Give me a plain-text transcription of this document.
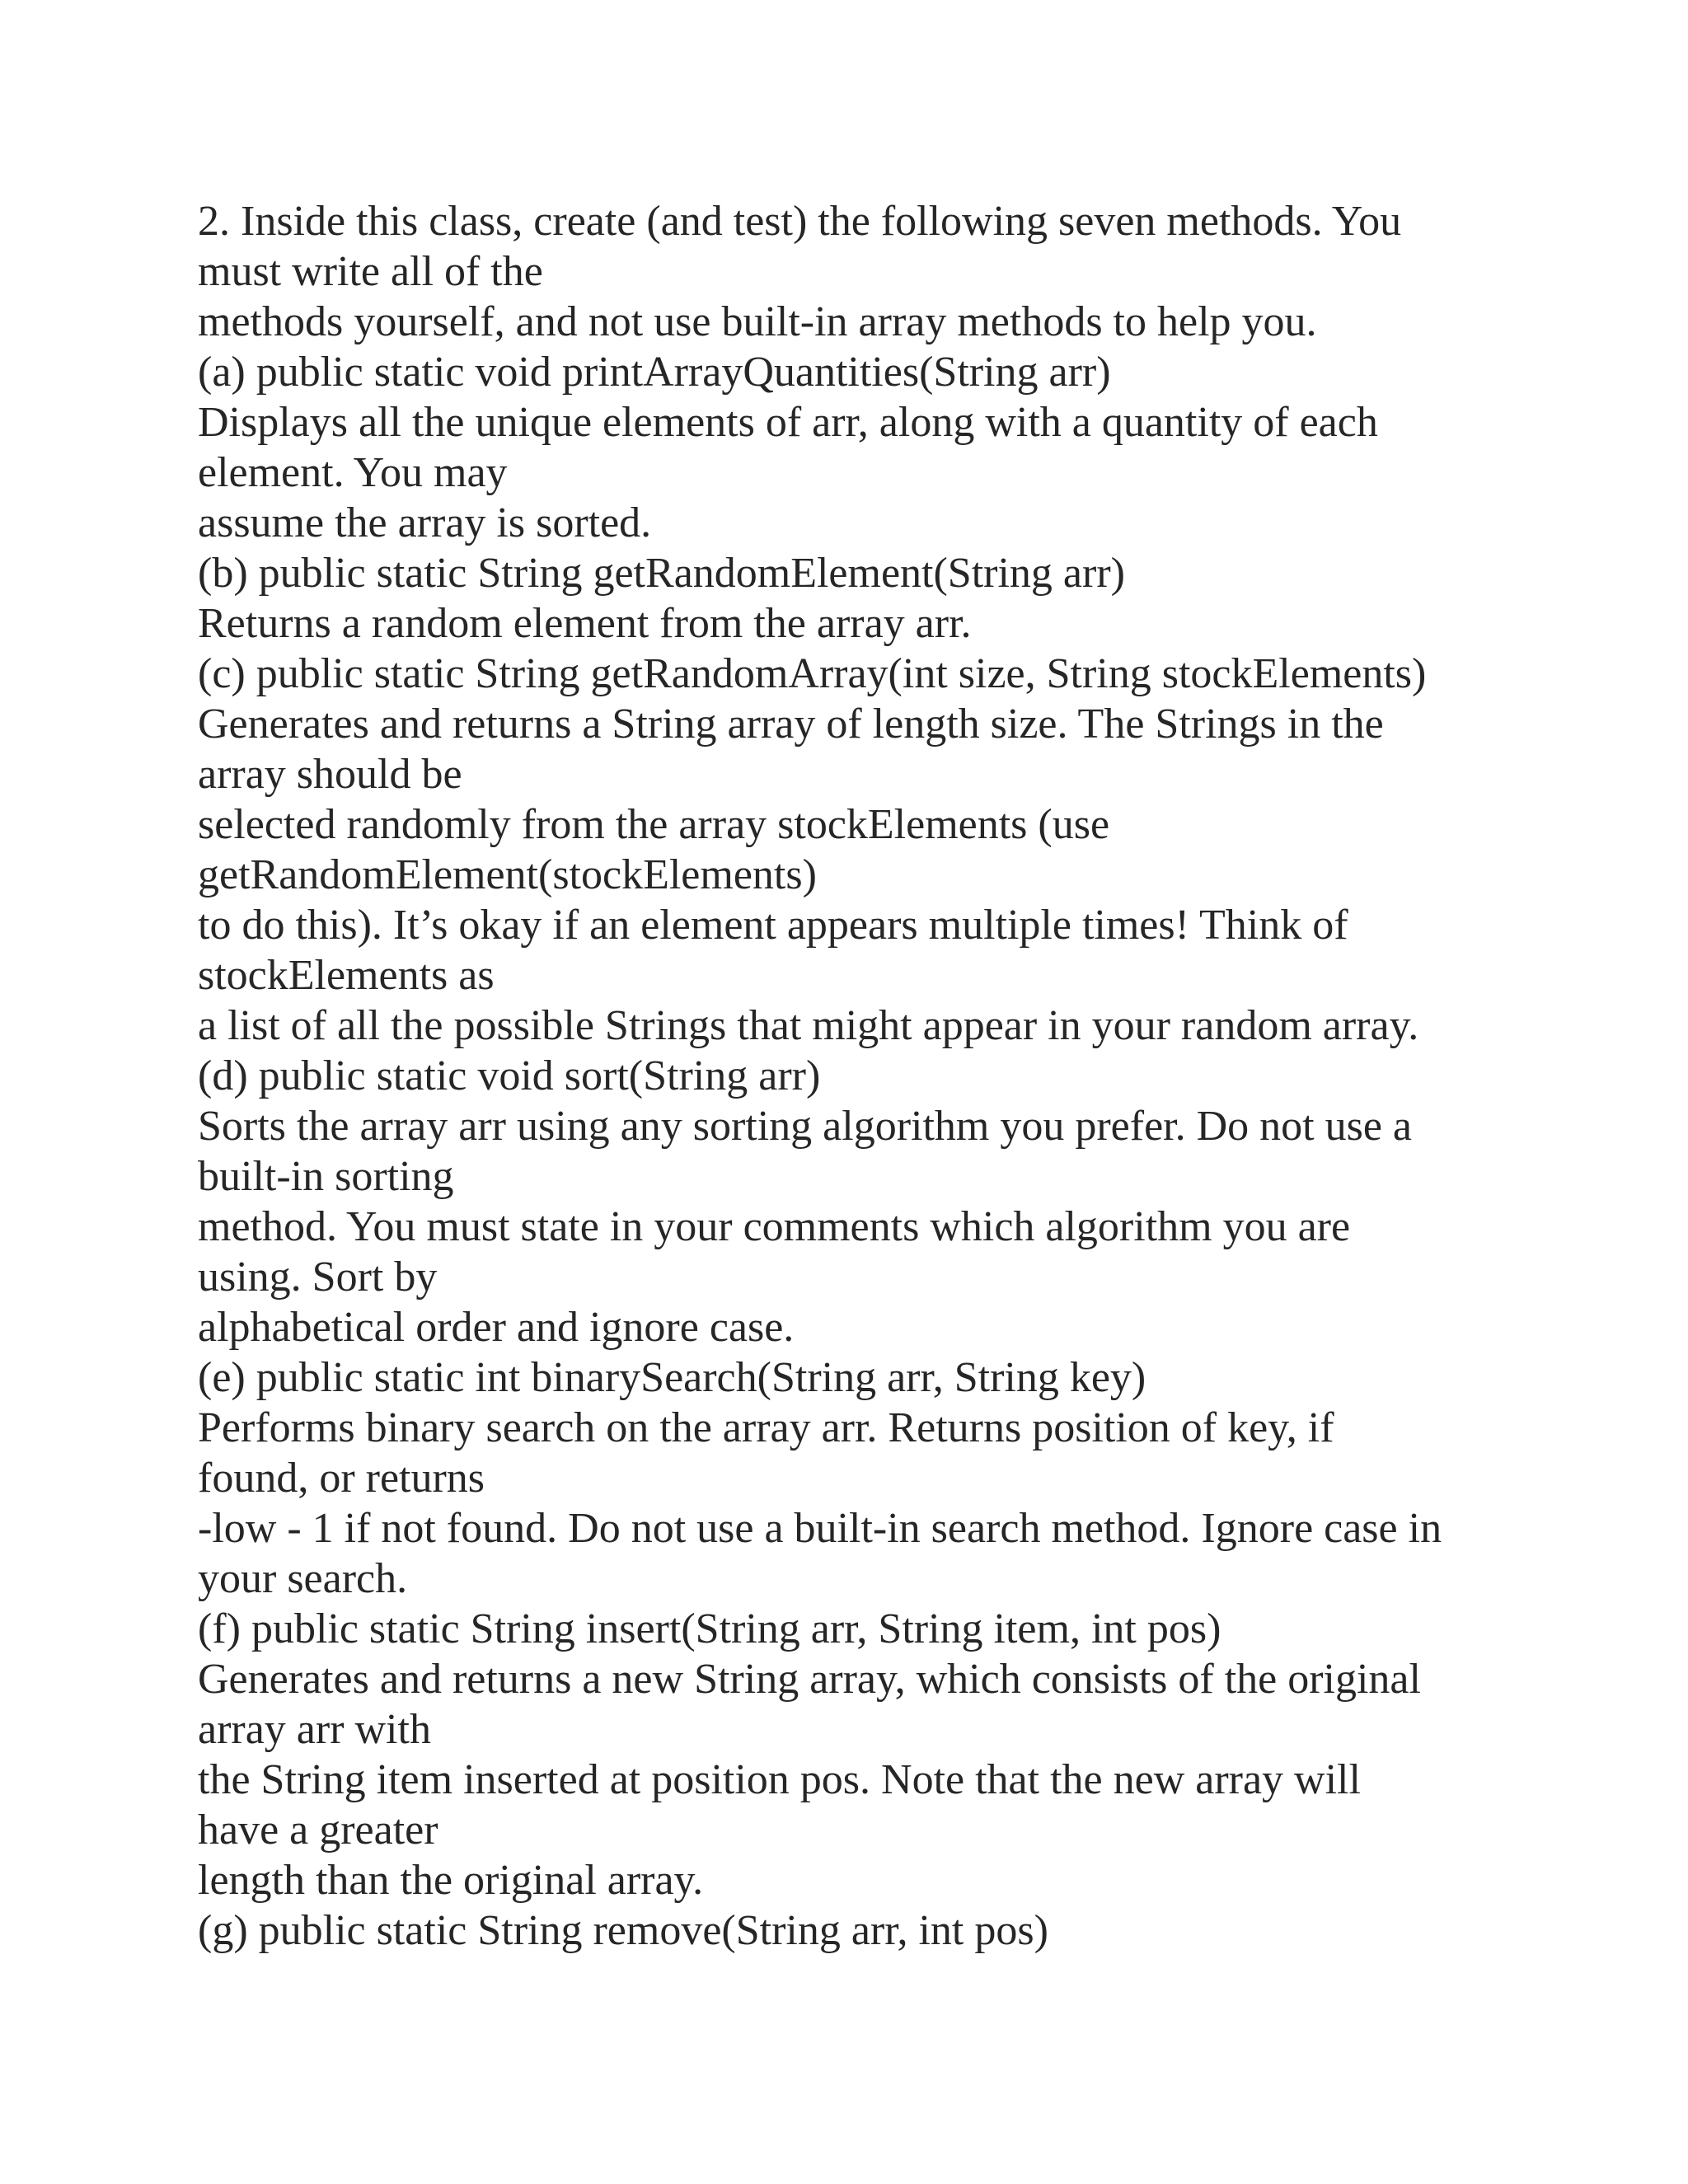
2. Inside this class, create (and test) the following seven methods. You
must write all of the
methods yourself, and not use built-in array methods to help you.
(a) public static void printArrayQuantities(String arr)
Displays all the unique elements of arr, along with a quantity of each
element. You may
assume the array is sorted.
(b) public static String getRandomElement(String arr)
Returns a random element from the array arr.
(c) public static String getRandomArray(int size, String stockElements)
Generates and returns a String array of length size. The Strings in the
array should be
selected randomly from the array stockElements (use
getRandomElement(stockElements)
to do this). It’s okay if an element appears multiple times! Think of
stockElements as
a list of all the possible Strings that might appear in your random array.
(d) public static void sort(String arr)
Sorts the array arr using any sorting algorithm you prefer. Do not use a
built-in sorting
method. You must state in your comments which algorithm you are
using. Sort by
alphabetical order and ignore case.
(e) public static int binarySearch(String arr, String key)
Performs binary search on the array arr. Returns position of key, if
found, or returns
-low - 1 if not found. Do not use a built-in search method. Ignore case in
your search.
(f) public static String insert(String arr, String item, int pos)
Generates and returns a new String array, which consists of the original
array arr with
the String item inserted at position pos. Note that the new array will
have a greater
length than the original array.
(g) public static String remove(String arr, int pos)
